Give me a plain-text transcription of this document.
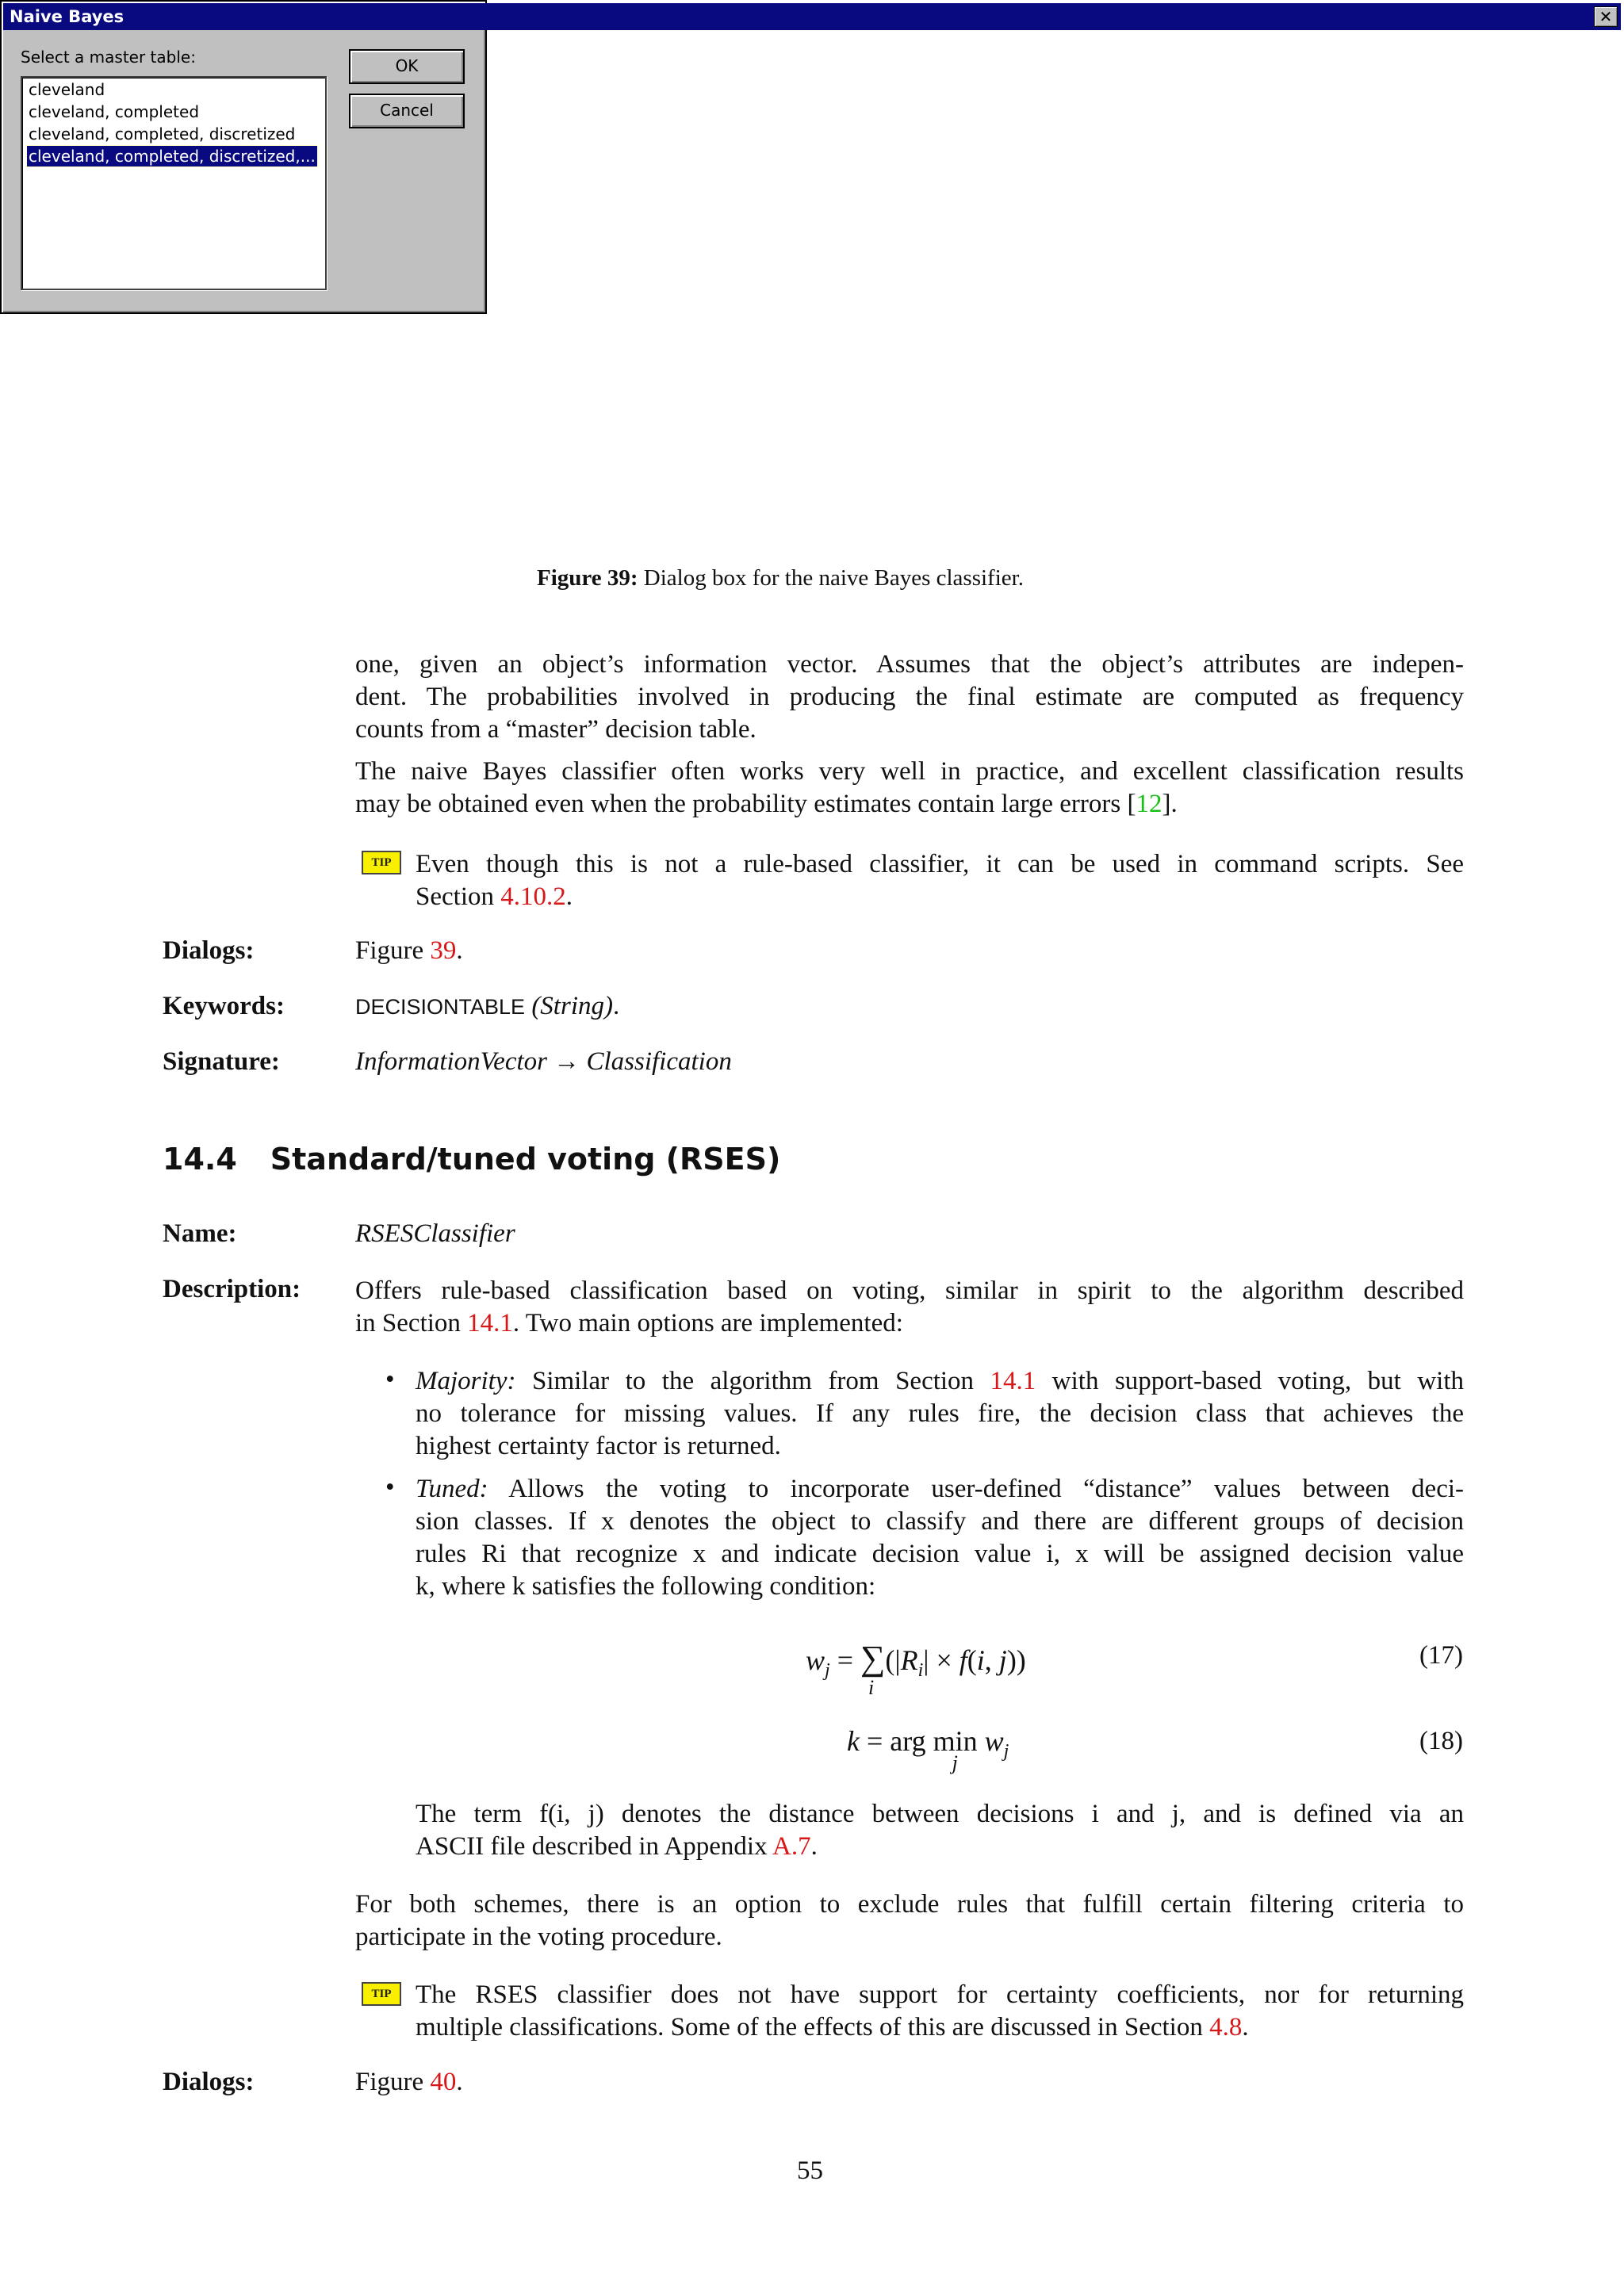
Naive Bayes	✕
Select a master table:
cleveland
cleveland, completed
cleveland, completed, discretized
cleveland, completed, discretized,...
OK
Cancel
Figure 39: Dialog box for the naive Bayes classifier.
one, given an object’s information vector. Assumes that the object’s attributes are indepen-
dent. The probabilities involved in producing the final estimate are computed as frequency
counts from a “master” decision table.
The naive Bayes classifier often works very well in practice, and excellent classification results
may be obtained even when the probability estimates contain large errors [12].
TIP Even though this is not a rule-based classifier, it can be used in command scripts. See
Section 4.10.2.
Dialogs:	Figure 39.
Keywords:	DECISIONTABLE (String).
Signature:	InformationVector → Classification
14.4 Standard/tuned voting (RSES)
Name:	RSESClassifier
Description: Offers rule-based classification based on voting, similar in spirit to the algorithm described
in Section 14.1. Two main options are implemented:
• Majority: Similar to the algorithm from Section 14.1 with support-based voting, but with
no tolerance for missing values. If any rules fire, the decision class that achieves the
highest certainty factor is returned.
• Tuned: Allows the voting to incorporate user-defined “distance” values between deci-
sion classes. If x denotes the object to classify and there are different groups of decision
rules Ri that recognize x and indicate decision value i, x will be assigned decision value
k, where k satisfies the following condition:
$w_j$ = ∑
i
($|R_i| \times f(i$, j))	(17)
k = arg min
j
$w_j$	(18)
The term f(i, j) denotes the distance between decisions i and j, and is defined via an
ASCII file described in Appendix A.7.
For both schemes, there is an option to exclude rules that fulfill certain filtering criteria to
participate in the voting procedure.
TIP The RSES classifier does not have support for certainty coefficients, nor for returning
multiple classifications. Some of the effects of this are discussed in Section 4.8.
Dialogs:	Figure 40.
55
